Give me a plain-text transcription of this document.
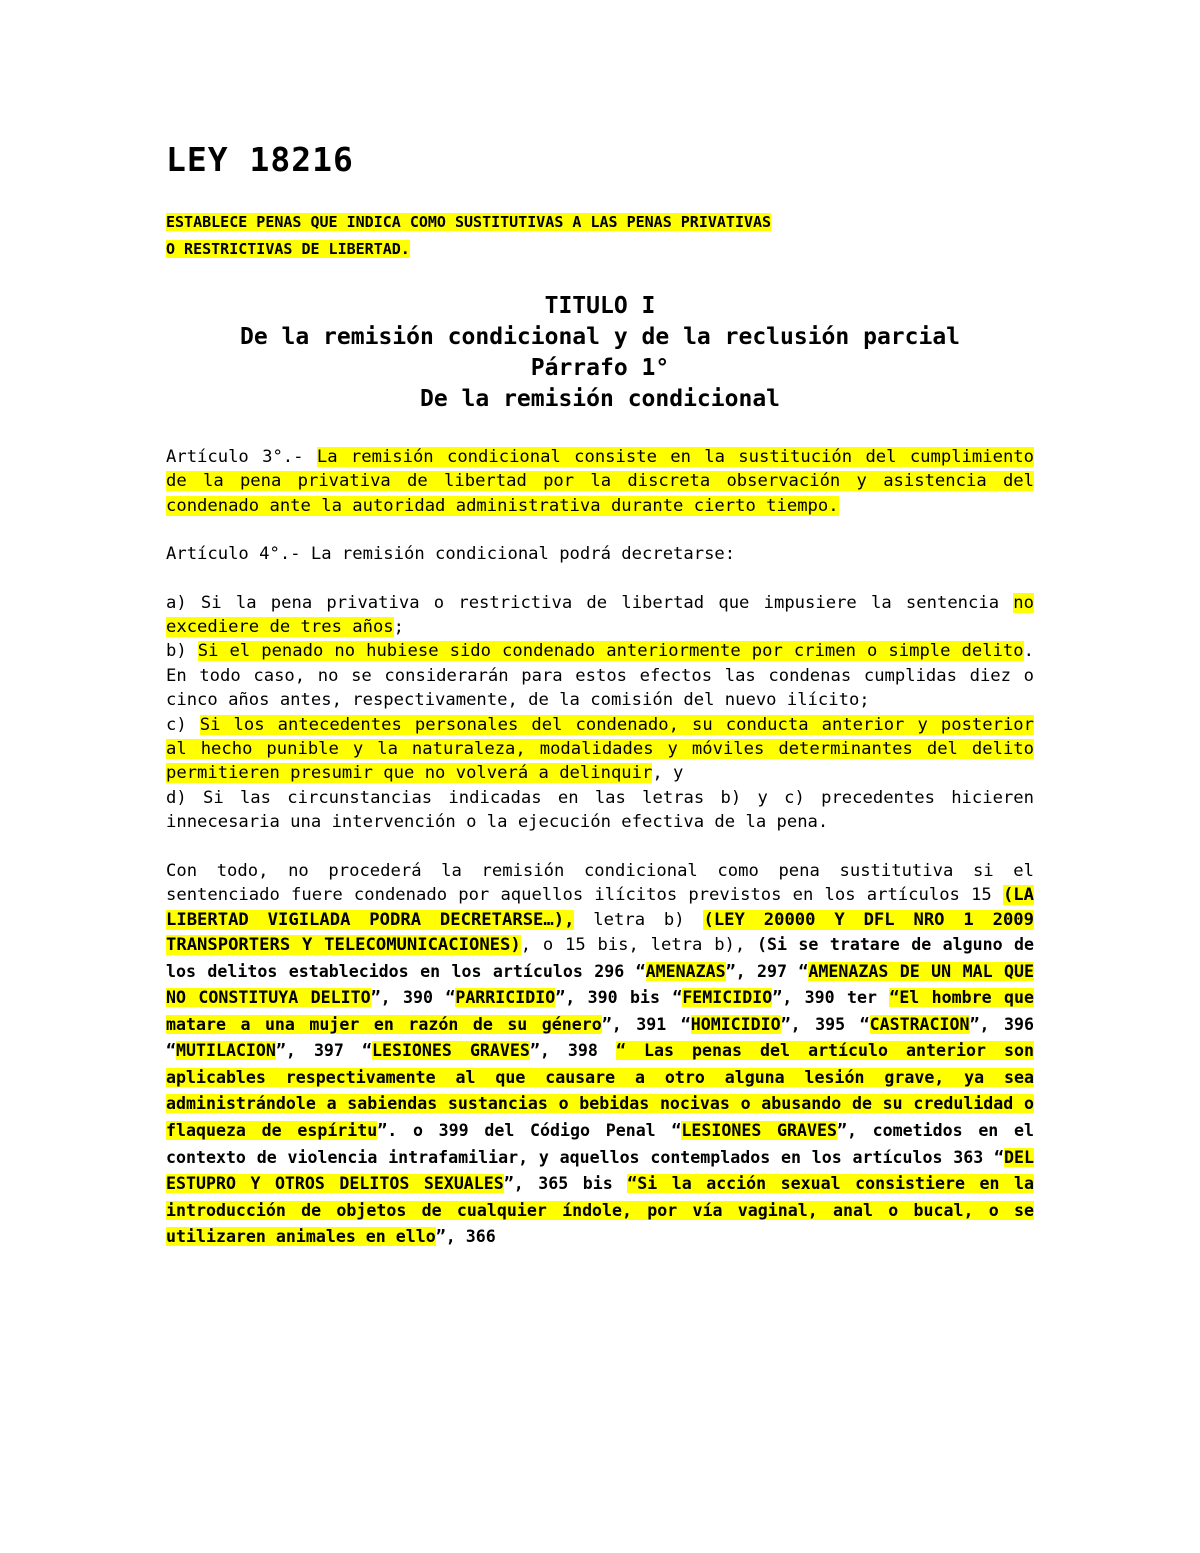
LEY 18216
ESTABLECE PENAS QUE INDICA COMO SUSTITUTIVAS A LAS PENAS PRIVATIVAS
O RESTRICTIVAS DE LIBERTAD.

TITULO I

De la remisión condicional y de la reclusión parcial

Párrafo 1°

De la remisión condicional

Artículo 3°.- La remisión condicional consiste en la sustitución del cumplimiento de la pena privativa de libertad por la discreta observación y asistencia del condenado ante la autoridad administrativa durante cierto tiempo.

Artículo 4°.- La remisión condicional podrá decretarse:

a) Si la pena privativa o restrictiva de libertad que impusiere la sentencia no excediere de tres años;
b) Si el penado no hubiese sido condenado anteriormente por crimen o simple delito. En todo caso, no se considerarán para estos efectos las condenas cumplidas diez o cinco años antes, respectivamente, de la comisión del nuevo ilícito;
c) Si los antecedentes personales del condenado, su conducta anterior y posterior al hecho punible y la naturaleza, modalidades y móviles determinantes del delito permitieren presumir que no volverá a delinquir, y
d) Si las circunstancias indicadas en las letras b) y c) precedentes hicieren innecesaria una intervención o la ejecución efectiva de la pena.

Con todo, no procederá la remisión condicional como pena sustitutiva si el sentenciado fuere condenado por aquellos ilícitos previstos en los artículos 15 (LA LIBERTAD VIGILADA PODRA DECRETARSE…), letra b) (LEY 20000 Y DFL NRO 1 2009 TRANSPORTERS Y TELECOMUNICACIONES), o 15 bis, letra b), (Si se tratare de alguno de los delitos establecidos en los artículos 296 “AMENAZAS”, 297 “AMENAZAS DE UN MAL QUE NO CONSTITUYA DELITO”, 390 “PARRICIDIO”, 390 bis “FEMICIDIO”, 390 ter “El hombre que matare a una mujer en razón de su género”, 391 “HOMICIDIO”, 395 “CASTRACION”, 396 “MUTILACION”, 397 “LESIONES GRAVES”, 398 “ Las penas del artículo anterior son aplicables respectivamente al que causare a otro alguna lesión grave, ya sea administrándole a sabiendas sustancias o bebidas nocivas o abusando de su credulidad o flaqueza de espíritu”. o 399 del Código Penal “LESIONES GRAVES”, cometidos en el contexto de violencia intrafamiliar, y aquellos contemplados en los artículos 363 “DEL ESTUPRO Y OTROS DELITOS SEXUALES”, 365 bis “Si la acción sexual consistiere en la introducción de objetos de cualquier índole, por vía vaginal, anal o bucal, o se utilizaren animales en ello”, 366
